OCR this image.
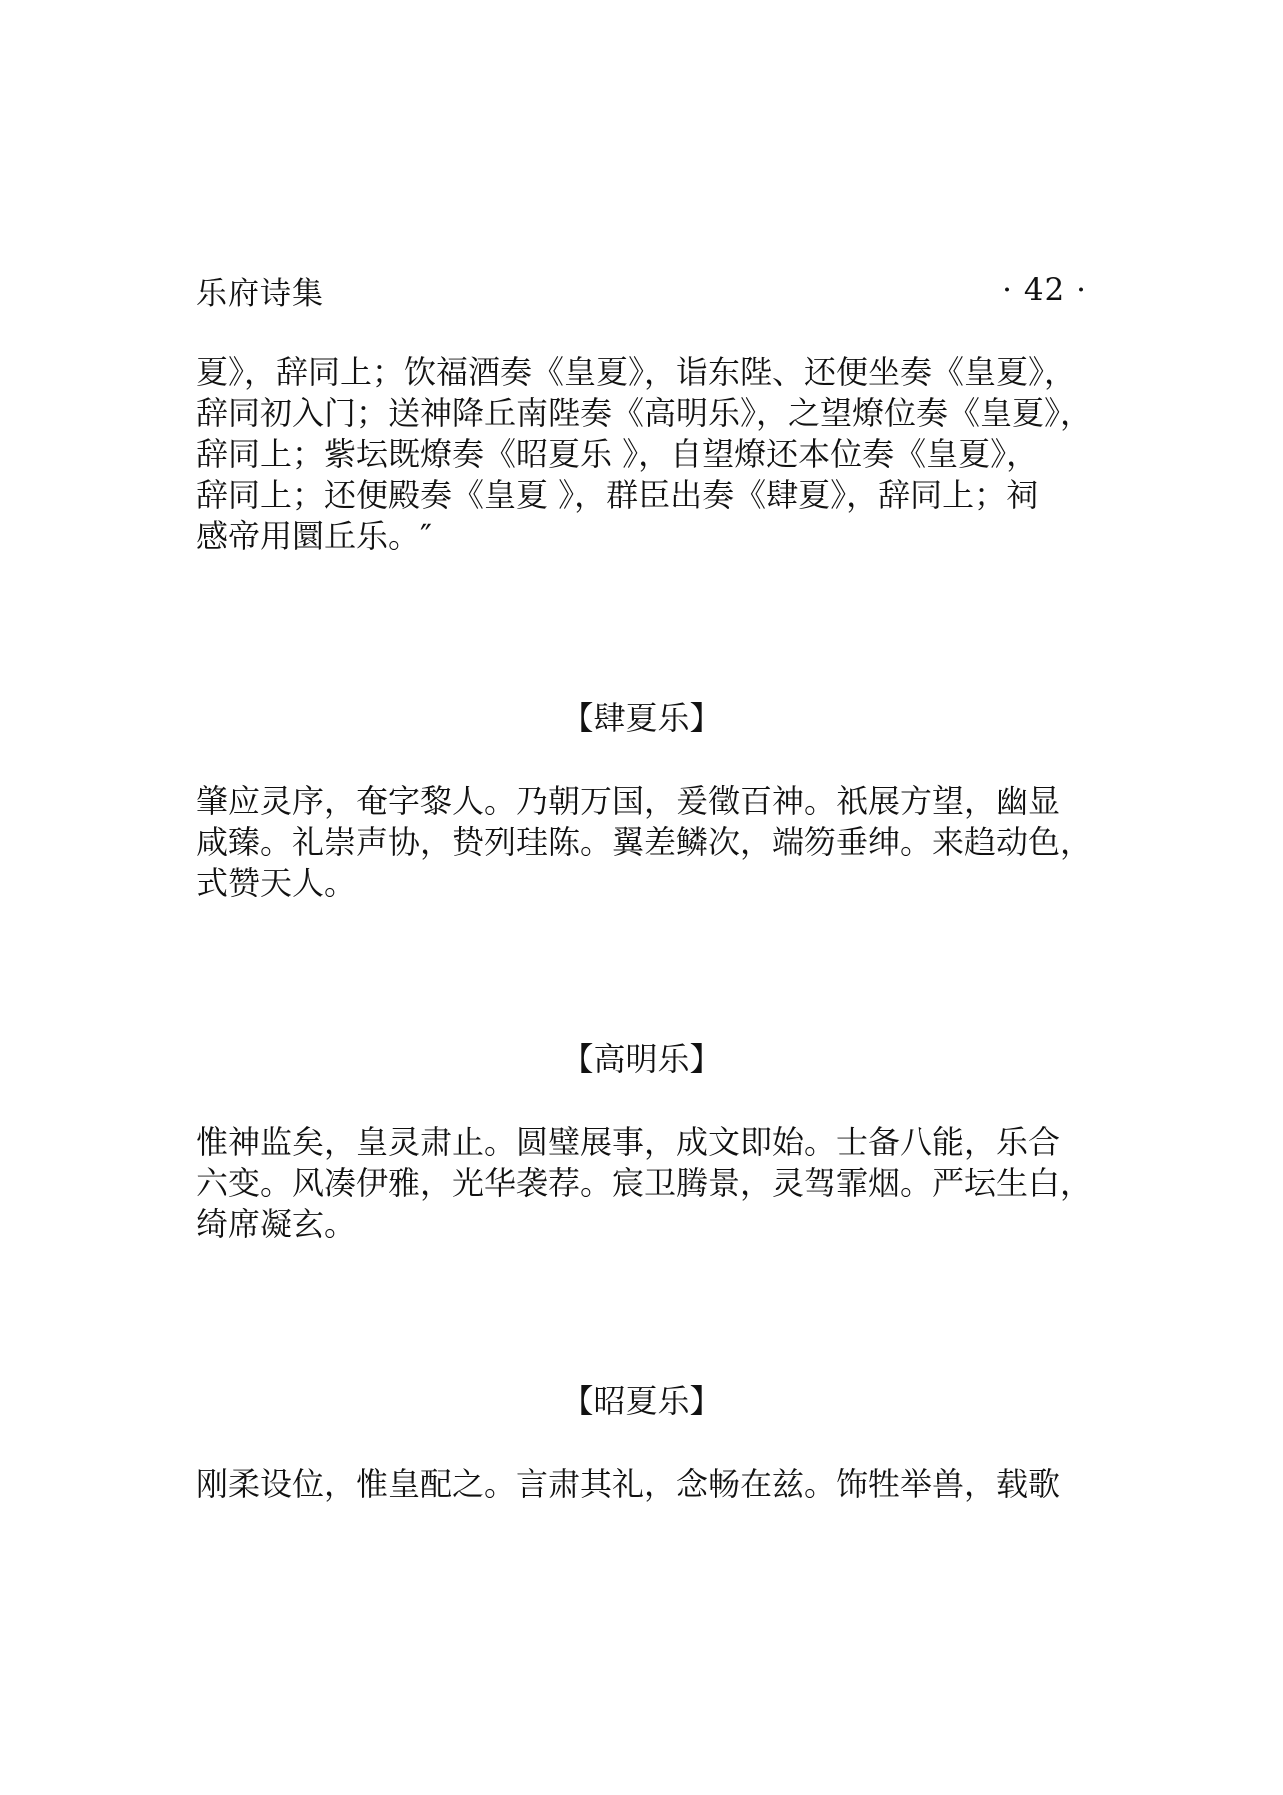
乐府诗集	· 42 ·

夏》，辞同上；饮福酒奏《皇夏》，诣东陛、还便坐奏《皇夏》，
辞同初入门；送神降丘南陛奏《高明乐》，之望燎位奏《皇夏》，
辞同上；紫坛既燎奏《昭夏乐 》，自望燎还本位奏《皇夏》，
辞同上；还便殿奏《皇夏 》，群臣出奏《肆夏》，辞同上；祠
感帝用圜丘乐。″

【肆夏乐】

肇应灵序，奄字黎人。乃朝万国，爰徵百神。祇展方望，幽显
咸臻。礼崇声协，贽列珪陈。翼差鳞次，端笏垂绅。来趋动色，
式赞天人。

【高明乐】

惟神监矣，皇灵肃止。圆璧展事，成文即始。士备八能，乐合
六变。风凑伊雅，光华袭荐。宸卫腾景，灵驾霏烟。严坛生白，
绮席凝玄。

【昭夏乐】

刚柔设位，惟皇配之。言肃其礼，念畅在兹。饰牲举兽，载歌
